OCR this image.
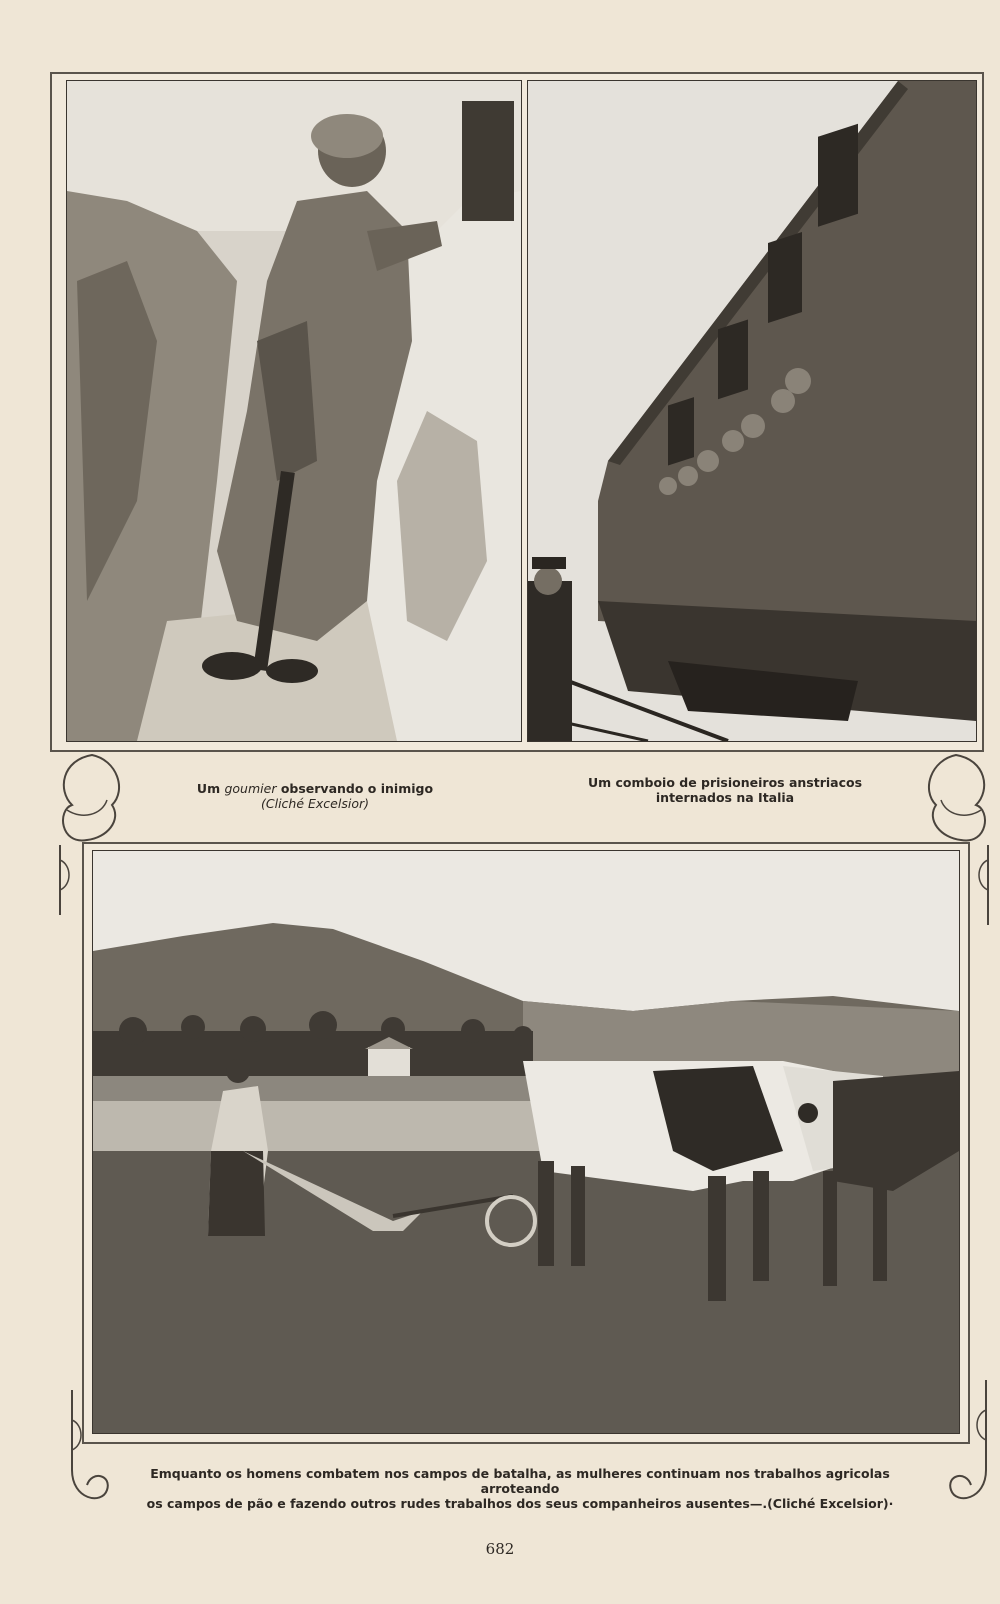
Um goumier observando o inimigo
(Cliché Excelsior)
Um comboio de prisioneiros anstriacos
internados na Italia
Emquanto os homens combatem nos campos de batalha, as mulheres continuam nos trabalhos agricolas arroteando
os campos de pão e fazendo outros rudes trabalhos dos seus companheiros ausentes—.(Cliché Excelsior)·
682
